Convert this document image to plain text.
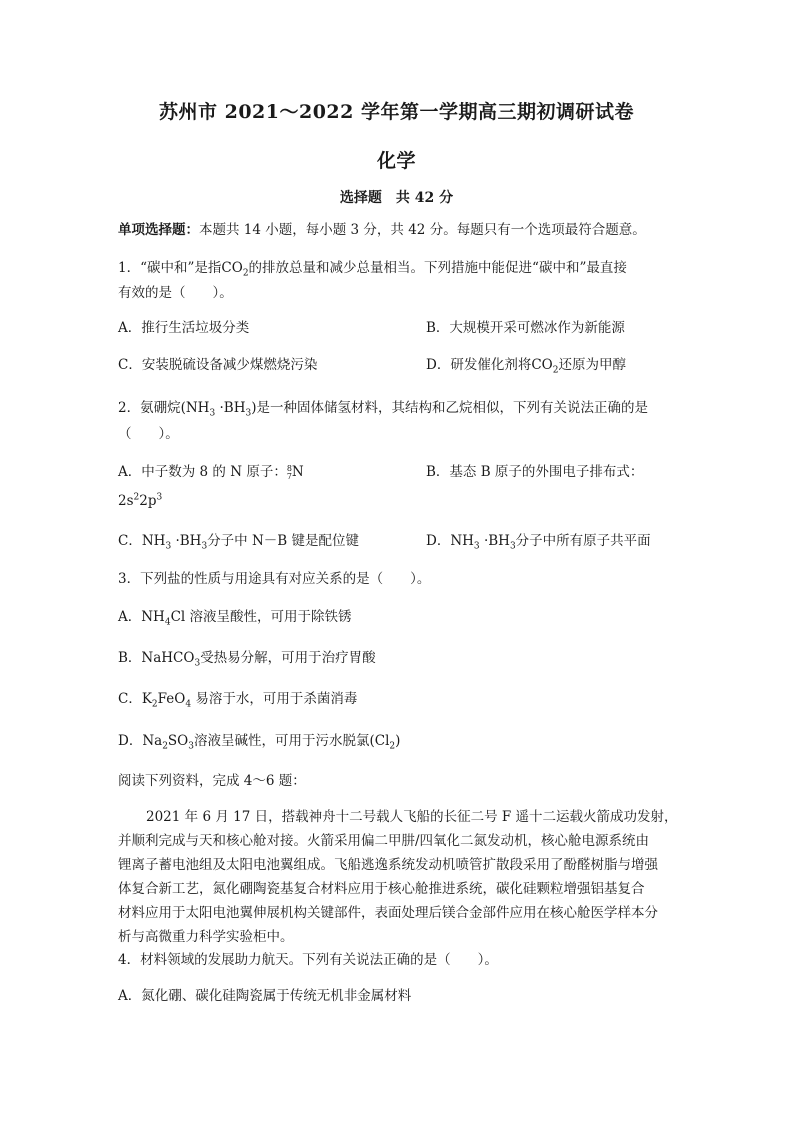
苏州市 2021～2022 学年第一学期高三期初调研试卷
化学
选择题　共 42 分
单项选择题：本题共 14 小题，每小题 3 分，共 42 分。每题只有一个选项最符合题意。
1．“碳中和”是指$CO_2$的排放总量和减少总量相当。下列措施中能促进“碳中和”最直接
有效的是（　　）。
A．推行生活垃圾分类	B．大规模开采可燃冰作为新能源
C．安装脱硫设备减少煤燃烧污染	D．研发催化剂将$CO_2$还原为甲醇
2．氨硼烷$(NH_3 \cdot BH_3)$是一种固体储氢材料，其结构和乙烷相似，下列有关说法正确的是
（　　）。
A．中子数为 8 的 N 原子：8
7N	B．基态 B 原子的外围电子排布式：
$2s^22p^3$
C．$NH_3 \cdot BH_3$分子中 N－B 键是配位键	D．$NH_3 \cdot BH_3$分子中所有原子共平面
3．下列盐的性质与用途具有对应关系的是（　　）。
A．$NH_4Cl$ 溶液呈酸性，可用于除铁锈
B．NaHCO$_3$受热易分解，可用于治疗胃酸
C．$K_2FeO_4$ 易溶于水，可用于杀菌消毒
D．$Na_2SO_3$溶液呈碱性，可用于污水脱氯$(Cl_2)$
阅读下列资料，完成 4～6 题：
2021 年 6 月 17 日，搭载神舟十二号载人飞船的长征二号 F 遥十二运载火箭成功发射，
并顺利完成与天和核心舱对接。火箭采用偏二甲肼/四氧化二氮发动机，核心舱电源系统由
锂离子蓄电池组及太阳电池翼组成。飞船逃逸系统发动机喷管扩散段采用了酚醛树脂与增强
体复合新工艺，氮化硼陶瓷基复合材料应用于核心舱推进系统，碳化硅颗粒增强铝基复合
材料应用于太阳电池翼伸展机构关键部件，表面处理后镁合金部件应用在核心舱医学样本分
析与高微重力科学实验柜中。
4．材料领域的发展助力航天。下列有关说法正确的是（　　）。
A．氮化硼、碳化硅陶瓷属于传统无机非金属材料
